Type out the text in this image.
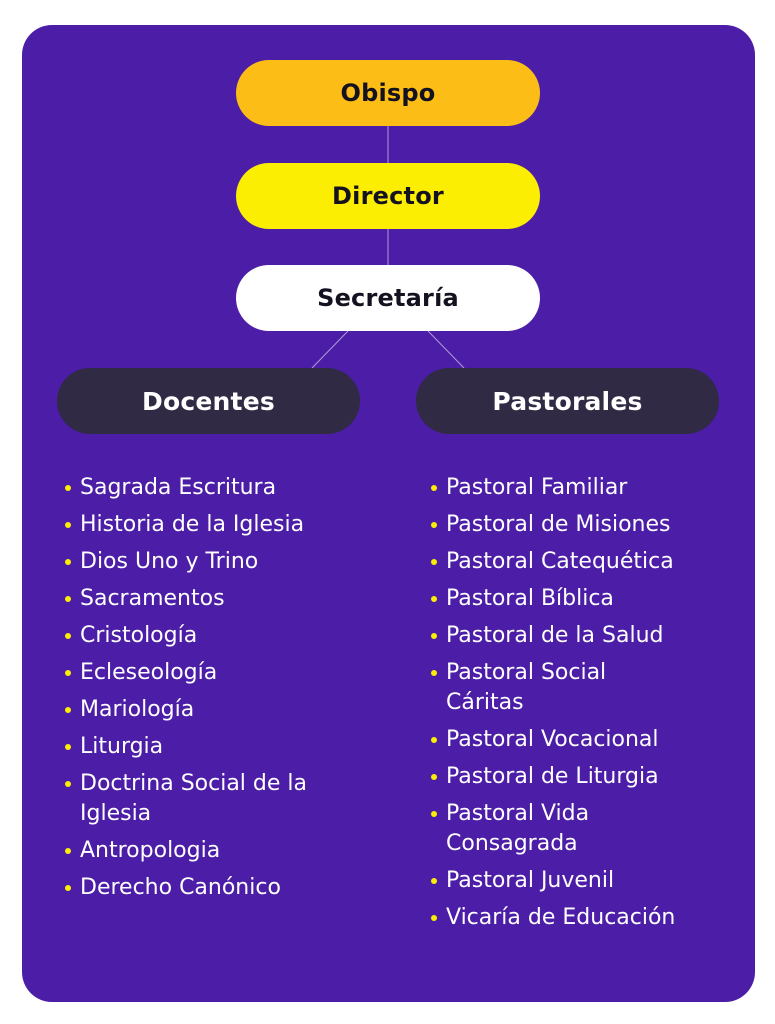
Obispo
Director
Secretaría
Docentes	Pastorales
Sagrada Escritura
Historia de la Iglesia
Dios Uno y Trino
Sacramentos
Cristología
Ecleseología
Mariología
Liturgia
Doctrina Social de la Iglesia
Antropologia
Derecho Canónico
Pastoral Familiar
Pastoral de Misiones
Pastoral Catequética
Pastoral Bíblica
Pastoral de la Salud
Pastoral Social Cáritas
Pastoral Vocacional
Pastoral de Liturgia
Pastoral Vida Consagrada
Pastoral Juvenil
Vicaría de Educación
